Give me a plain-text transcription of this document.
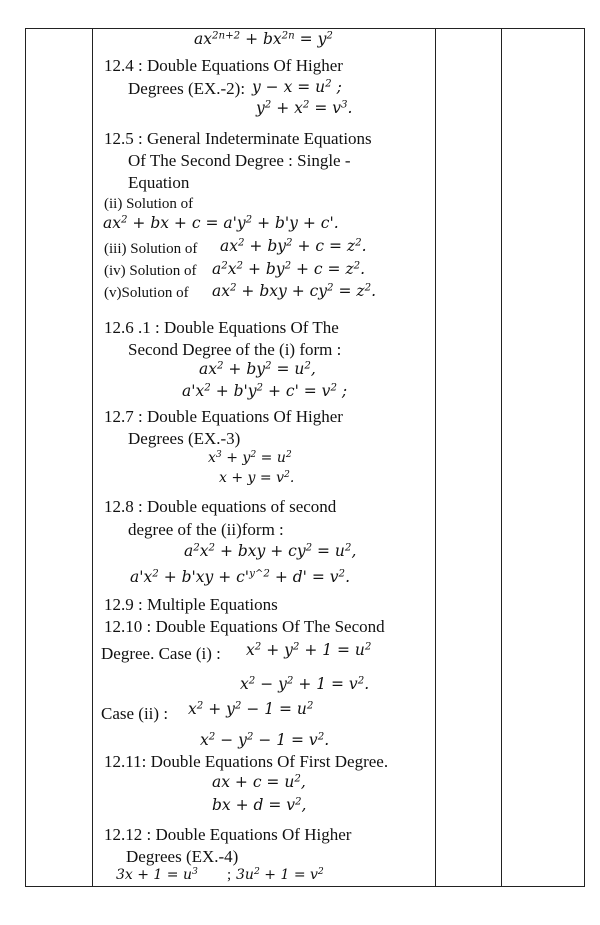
$ax^{2n+2} + bx^{2n} = y^2$
12.4 : Double Equations Of Higher
Degrees (EX.-2): $y - x = u^2$ ;
$y^2 + x^2 = v^3$.
12.5 : General Indeterminate Equations
Of The Second Degree : Single -
Equation
(ii) Solution of
$ax^2$ + bx + $c = a'y^2 + b'y + c'$.
(iii) Solution of $ax^2 + by^2 + c = z^2$.
(iv) Solution of $a^2x^2 + by^2 + c = z^2$.
(v)Solution of $ax^2$ + bxy + $cy^2 = z^2$.
12.6 .1 : Double Equations Of The
Second Degree of the (i) form :
$ax^2 + by^2 = u^2$,
$a'x^2 + b'y^2 + c' = v^2$ ;
12.7 : Double Equations Of Higher
Degrees (EX.-3)
$x^3 + y^2 = u^2$
$x + y = v^2$.
12.8 : Double equations of second
degree of the (ii)form :
$a^2x^2$ + bxy + $cy^2 = u^2$,
$a'x^2 + b'xy + c'^{y\^{}2} + d' = v^2$.
12.9 : Multiple Equations
12.10 : Double Equations Of The Second
Degree. Case (i) : $x^2 + y^2 + 1 = u^2$
$x^2 - y^2 + 1 = v^2$.
Case (ii) : $x^2 + y^2 - 1 = u^2$
$x^2 - y^2 - 1 = v^2$.
12.11: Double Equations Of First Degree.
ax + $c = u^2$,
bx + $d = v^2$,
12.12 : Double Equations Of Higher
Degrees (EX.-4)
$3x + 1 = u^3$ ; $3u^2 + 1 = v^2$
